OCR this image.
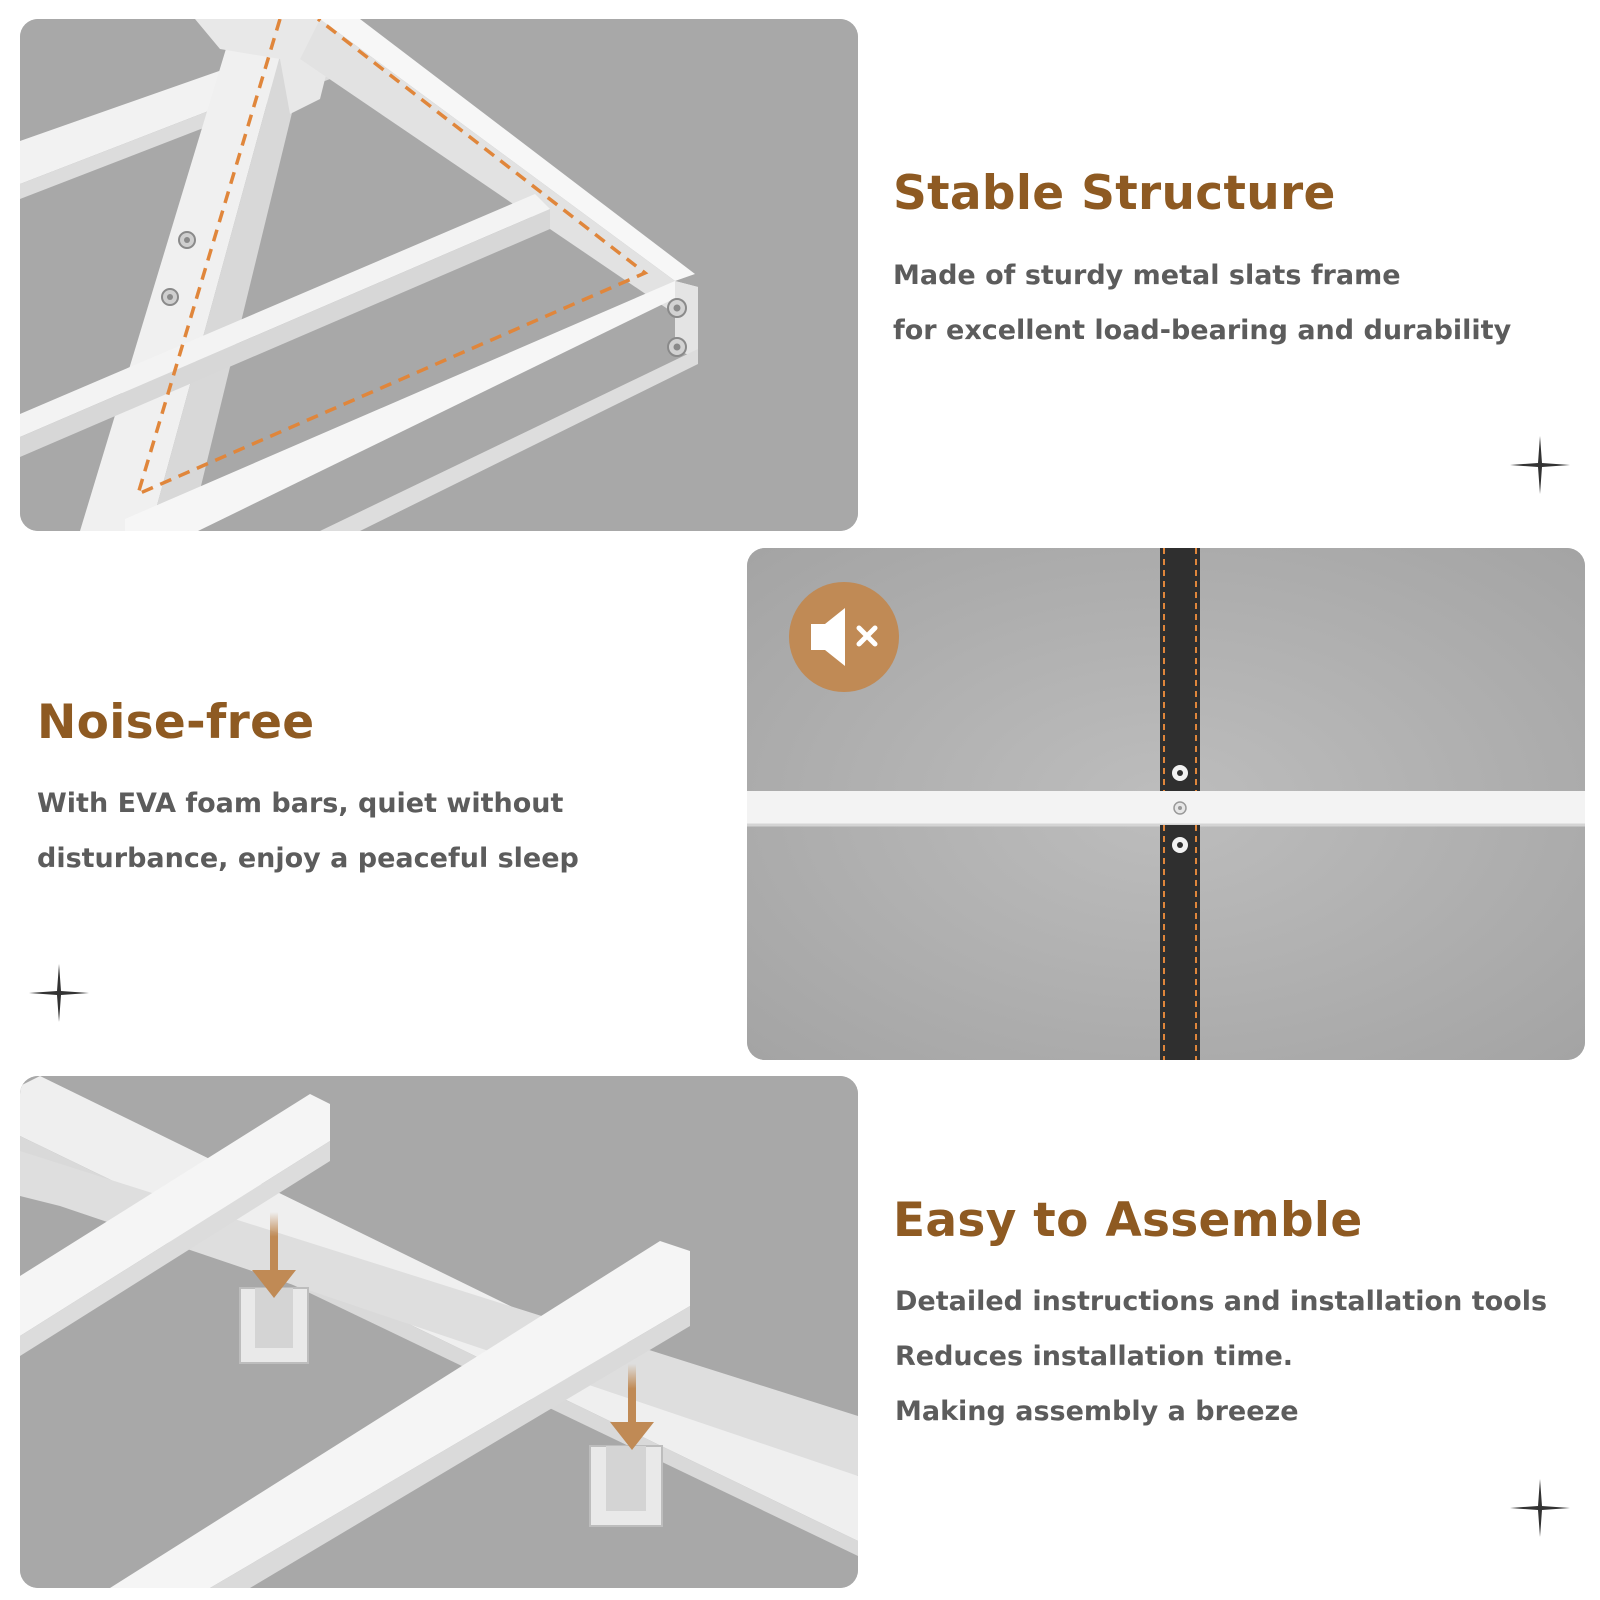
Stable Structure
Made of sturdy metal slats frame
for excellent load-bearing and durability
Noise-free
With EVA foam bars, quiet without
disturbance, enjoy a peaceful sleep
Easy to Assemble
Detailed instructions and installation tools
Reduces installation time.
Making assembly a breeze
